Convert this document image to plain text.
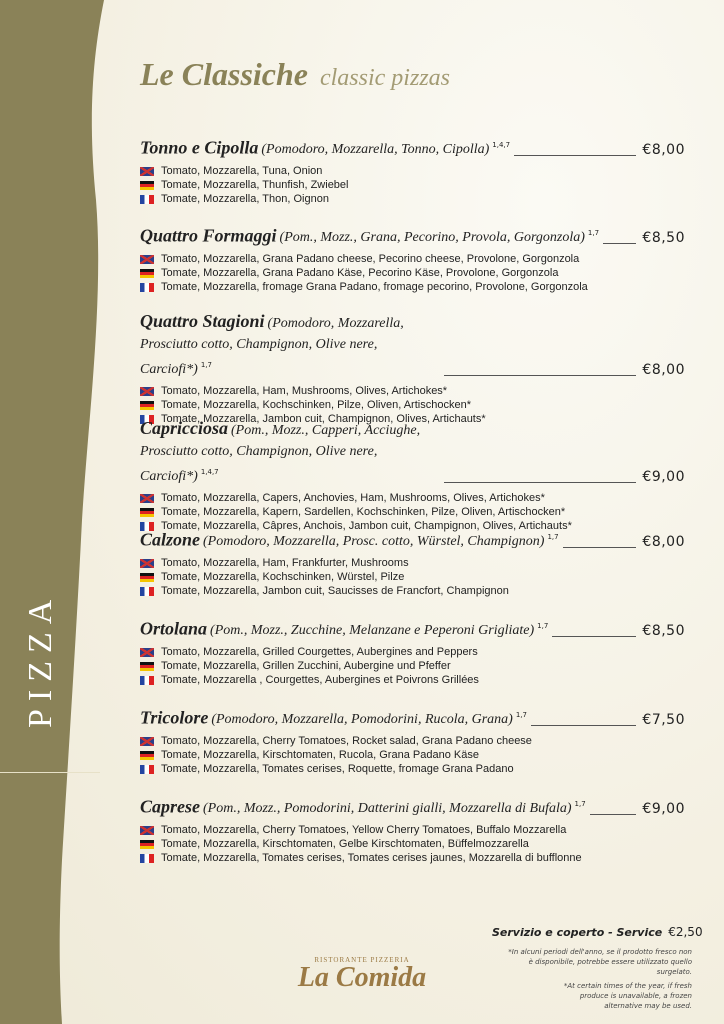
PIZZA
Le Classiche classic pizzas
Tonno e Cipolla (Pomodoro, Mozzarella, Tonno, Cipolla) $^{1,4,7}$	€8,00
Tomato, Mozzarella, Tuna, Onion
Tomate, Mozzarella, Thunfish, Zwiebel
Tomate, Mozzarella, Thon, Oignon
Quattro Formaggi (Pom., Mozz., Grana, Pecorino, Provola, Gorgonzola) $^{1,7}$	€8,50
Tomato, Mozzarella, Grana Padano cheese, Pecorino cheese, Provolone, Gorgonzola
Tomate, Mozzarella, Grana Padano Käse, Pecorino Käse, Provolone, Gorgonzola
Tomate, Mozzarella, fromage Grana Padano, fromage pecorino, Provolone, Gorgonzola
Quattro Stagioni (Pomodoro, Mozzarella, Prosciutto cotto, Champignon, Olive nere, Carciofi*) $^{1,7}$	€8,00
Tomato, Mozzarella, Ham, Mushrooms, Olives, Artichokes*
Tomate, Mozzarella, Kochschinken, Pilze, Oliven, Artischocken*
Tomate, Mozzarella, Jambon cuit, Champignon, Olives, Artichauts*
Capricciosa (Pom., Mozz., Capperi, Acciughe, Prosciutto cotto, Champignon, Olive nere, Carciofi*) $^{1,4,7}$	€9,00
Tomato, Mozzarella, Capers, Anchovies, Ham, Mushrooms, Olives, Artichokes*
Tomate, Mozzarella, Kapern, Sardellen, Kochschinken, Pilze, Oliven, Artischocken*
Tomate, Mozzarella, Câpres, Anchois, Jambon cuit, Champignon, Olives, Artichauts*
Calzone (Pomodoro, Mozzarella, Prosc. cotto, Würstel, Champignon) $^{1,7}$	€8,00
Tomato, Mozzarella, Ham, Frankfurter, Mushrooms
Tomate, Mozzarella, Kochschinken, Würstel, Pilze
Tomate, Mozzarella, Jambon cuit, Saucisses de Francfort, Champignon
Ortolana (Pom., Mozz., Zucchine, Melanzane e Peperoni Grigliate) $^{1,7}$	€8,50
Tomato, Mozzarella, Grilled Courgettes, Aubergines and Peppers
Tomate, Mozzarella, Grillen Zucchini, Aubergine und Pfeffer
Tomate, Mozzarella , Courgettes, Aubergines et Poivrons Grillées
Tricolore (Pomodoro, Mozzarella, Pomodorini, Rucola, Grana) $^{1,7}$	€7,50
Tomato, Mozzarella, Cherry Tomatoes, Rocket salad, Grana Padano cheese
Tomate, Mozzarella, Kirschtomaten, Rucola, Grana Padano Käse
Tomate, Mozzarella, Tomates cerises, Roquette, fromage Grana Padano
Caprese (Pom., Mozz., Pomodorini, Datterini gialli, Mozzarella di Bufala) $^{1,7}$	€9,00
Tomato, Mozzarella, Cherry Tomatoes, Yellow Cherry Tomatoes, Buffalo Mozzarella
Tomate, Mozzarella, Kirschtomaten, Gelbe Kirschtomaten, Büffelmozzarella
Tomate, Mozzarella, Tomates cerises, Tomates cerises jaunes, Mozzarella di bufflonne
RISTORANTE PIZZERIA
La Comida
Servizio e coperto - Service €2,50
*In alcuni periodi dell'anno, se il prodotto fresco non è disponibile, potrebbe essere utilizzato quello surgelato.
*At certain times of the year, if fresh produce is unavailable, a frozen alternative may be used.
